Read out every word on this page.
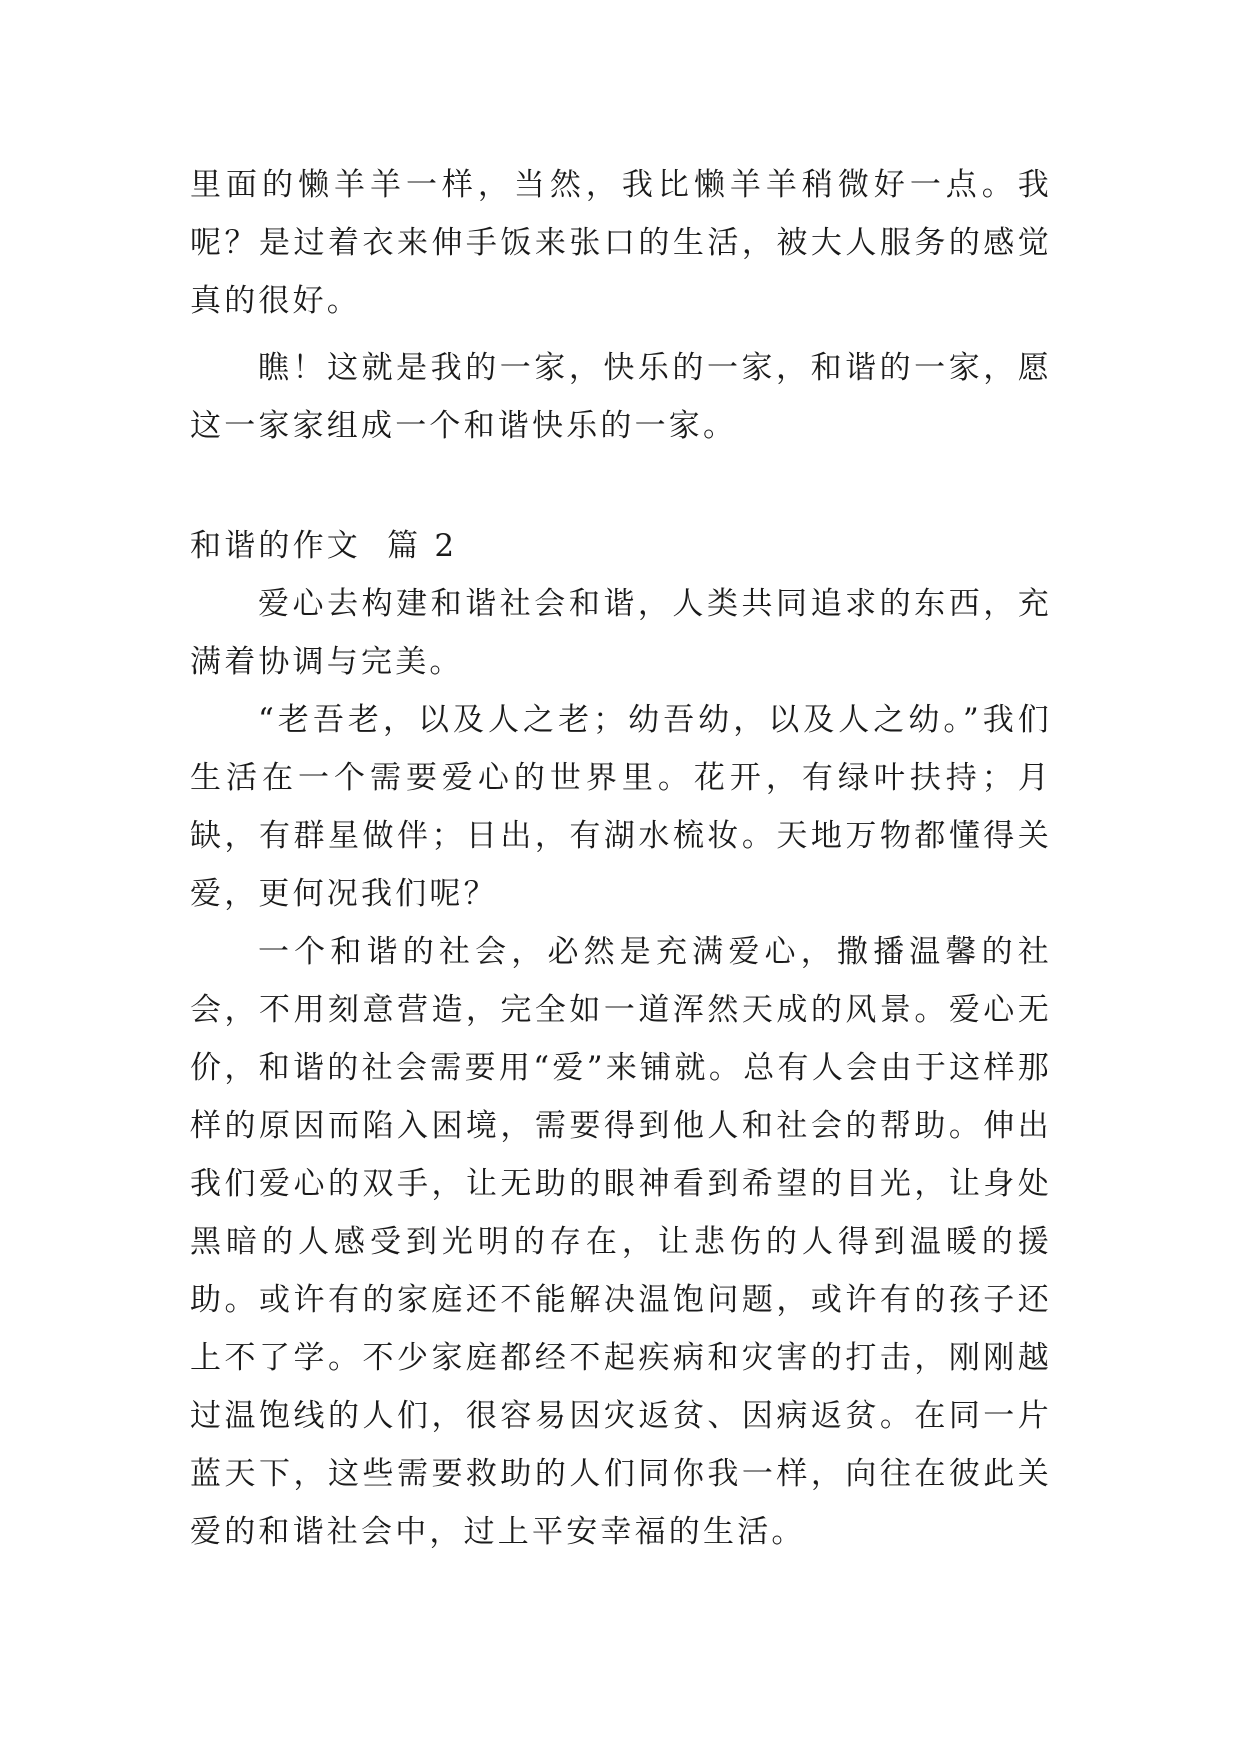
里面的懒羊羊一样，当然，我比懒羊羊稍微好一点。我呢？是过着衣来伸手饭来张口的生活，被大人服务的感觉真的很好。

瞧！这就是我的一家，快乐的一家，和谐的一家，愿这一家家组成一个和谐快乐的一家。

和谐的作文  篇 2

爱心去构建和谐社会和谐，人类共同追求的东西，充满着协调与完美。

“老吾老，以及人之老；幼吾幼，以及人之幼。”我们生活在一个需要爱心的世界里。花开，有绿叶扶持；月缺，有群星做伴；日出，有湖水梳妆。天地万物都懂得关爱，更何况我们呢？

一个和谐的社会，必然是充满爱心，撒播温馨的社会，不用刻意营造，完全如一道浑然天成的风景。爱心无价，和谐的社会需要用“爱”来铺就。总有人会由于这样那样的原因而陷入困境，需要得到他人和社会的帮助。伸出我们爱心的双手，让无助的眼神看到希望的目光，让身处黑暗的人感受到光明的存在，让悲伤的人得到温暖的援助。或许有的家庭还不能解决温饱问题，或许有的孩子还上不了学。不少家庭都经不起疾病和灾害的打击，刚刚越过温饱线的人们，很容易因灾返贫、因病返贫。在同一片蓝天下，这些需要救助的人们同你我一样，向往在彼此关爱的和谐社会中，过上平安幸福的生活。
